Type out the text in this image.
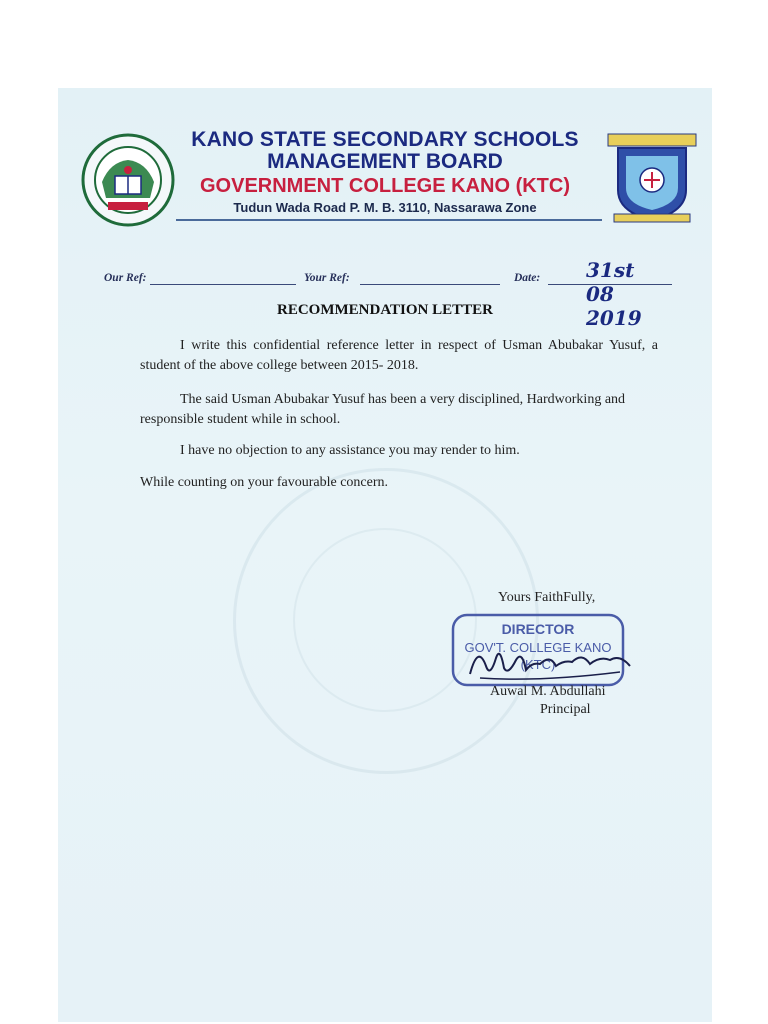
KANO STATE SECONDARY SCHOOLS
MANAGEMENT BOARD
GOVERNMENT COLLEGE KANO (KTC)
Tudun Wada Road P. M. B. 3110, Nassarawa Zone
Our Ref:	Your Ref:	Date: 31st 08 2019
RECOMMENDATION LETTER

I write this confidential reference letter in respect of Usman Abubakar Yusuf, a student of the above college between 2015- 2018.

The said Usman Abubakar Yusuf has been a very disciplined, Hardworking and responsible student while in school.

I have no objection to any assistance you may render to him.

While counting on your favourable concern.

Yours FaithFully,
DIRECTOR
GOV'T. COLLEGE KANO
(KTC)
Auwal M. Abdullahi
Principal
